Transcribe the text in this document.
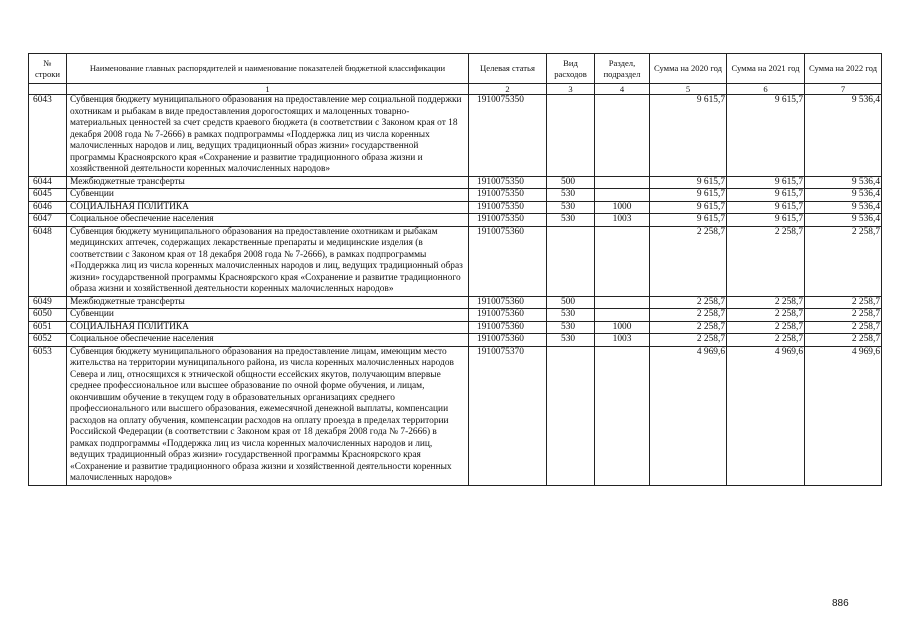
№ строки	Наименование главных распорядителей и наименование показателей бюджетной классификации	Целевая статья	Вид расходов	Раздел, подраздел	Сумма на 2020 год	Сумма на 2021 год	Сумма на 2022 год
	1	2	3	4	5	6	7
6043	Субвенция бюджету муниципального образования на предоставление мер социальной поддержки охотникам и рыбакам в виде предоставления дорогостоящих и малоценных товарно-материальных ценностей за счет средств краевого бюджета (в соответствии с Законом края от 18 декабря 2008 года № 7-2666) в рамках подпрограммы «Поддержка лиц из числа коренных малочисленных народов и лиц, ведущих традиционный образ жизни» государственной программы Красноярского края «Сохранение и развитие традиционного образа жизни и хозяйственной деятельности коренных малочисленных народов»	1910075350			9 615,7	9 615,7	9 536,4
6044	Межбюджетные трансферты	1910075350	500		9 615,7	9 615,7	9 536,4
6045	Субвенции	1910075350	530		9 615,7	9 615,7	9 536,4
6046	СОЦИАЛЬНАЯ ПОЛИТИКА	1910075350	530	1000	9 615,7	9 615,7	9 536,4
6047	Социальное обеспечение населения	1910075350	530	1003	9 615,7	9 615,7	9 536,4
6048	Субвенция бюджету муниципального образования на предоставление охотникам и рыбакам медицинских аптечек, содержащих лекарственные препараты и медицинские изделия (в соответствии с Законом края от 18 декабря 2008 года № 7-2666), в рамках подпрограммы «Поддержка лиц из числа коренных малочисленных народов и лиц, ведущих традиционный образ жизни» государственной программы Красноярского края «Сохранение и развитие традиционного образа жизни и хозяйственной деятельности коренных малочисленных народов»	1910075360			2 258,7	2 258,7	2 258,7
6049	Межбюджетные трансферты	1910075360	500		2 258,7	2 258,7	2 258,7
6050	Субвенции	1910075360	530		2 258,7	2 258,7	2 258,7
6051	СОЦИАЛЬНАЯ ПОЛИТИКА	1910075360	530	1000	2 258,7	2 258,7	2 258,7
6052	Социальное обеспечение населения	1910075360	530	1003	2 258,7	2 258,7	2 258,7
6053	Субвенция бюджету муниципального образования на предоставление лицам, имеющим место жительства на территории муниципального района, из числа коренных малочисленных народов Севера и лиц, относящихся к этнической общности ессейских якутов, получающим впервые среднее профессиональное или высшее образование по очной форме обучения, и лицам, окончившим обучение в текущем году в образовательных организациях среднего профессионального или высшего образования, ежемесячной денежной выплаты, компенсации расходов на оплату обучения, компенсации расходов на оплату проезда в пределах территории Российской Федерации (в соответствии с Законом края от 18 декабря 2008 года № 7-2666) в рамках подпрограммы «Поддержка лиц из числа коренных малочисленных народов и лиц, ведущих традиционный образ жизни» государственной программы Красноярского края «Сохранение и развитие традиционного образа жизни и хозяйственной деятельности коренных малочисленных народов»	1910075370			4 969,6	4 969,6	4 969,6
886
